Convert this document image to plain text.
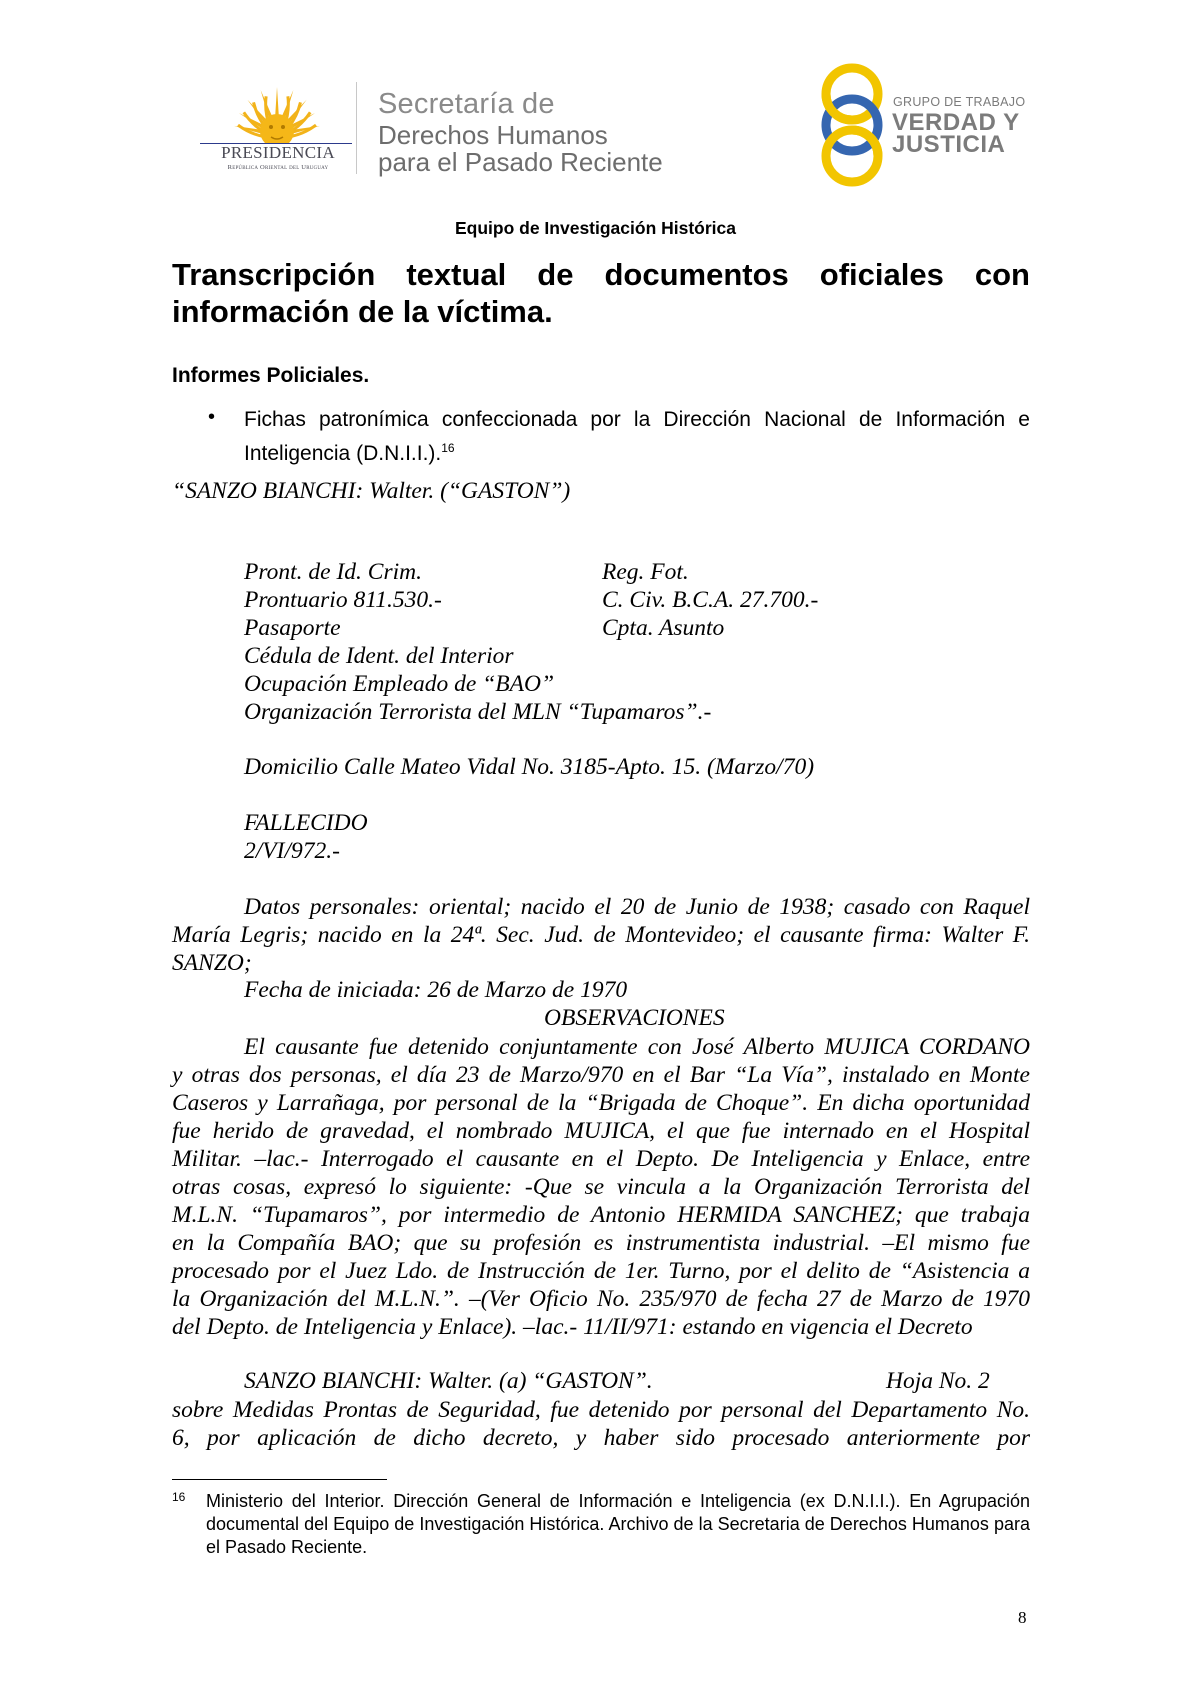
PRESIDENCIA
República Oriental del Uruguay
Secretaría de
Derechos Humanos
para el Pasado Reciente
GRUPO DE TRABAJO
VERDAD Y
JUSTICIA
Equipo de Investigación Histórica
Transcripción textual de documentos oficiales con información de la víctima.
Informes Policiales.
• Fichas patronímica confeccionada por la Dirección Nacional de Información e Inteligencia (D.N.I.I.).$^{16}$
“SANZO BIANCHI: Walter. (“GASTON”)
Pront. de Id. Crim.
Prontuario 811.530.-
Pasaporte
Cédula de Ident. del Interior
Ocupación Empleado de “BAO”
Organización Terrorista del MLN “Tupamaros”.-
Reg. Fot.
C. Civ. B.C.A. 27.700.-
Cpta. Asunto
Domicilio Calle Mateo Vidal No. 3185-Apto. 15. (Marzo/70)
FALLECIDO
2/VI/972.-
Datos personales: oriental; nacido el 20 de Junio de 1938; casado con Raquel
María Legris; nacido en la 24ª. Sec. Jud. de Montevideo; el causante firma: Walter F.
SANZO;
Fecha de iniciada: 26 de Marzo de 1970
OBSERVACIONES
El causante fue detenido conjuntamente con José Alberto MUJICA CORDANO
y otras dos personas, el día 23 de Marzo/970 en el Bar “La Vía”, instalado en Monte
Caseros y Larrañaga, por personal de la “Brigada de Choque”. En dicha oportunidad
fue herido de gravedad, el nombrado MUJICA, el que fue internado en el Hospital
Militar. –lac.- Interrogado el causante en el Depto. De Inteligencia y Enlace, entre
otras cosas, expresó lo siguiente: -Que se vincula a la Organización Terrorista del
M.L.N. “Tupamaros”, por intermedio de Antonio HERMIDA SANCHEZ; que trabaja
en la Compañía BAO; que su profesión es instrumentista industrial. –El mismo fue
procesado por el Juez Ldo. de Instrucción de 1er. Turno, por el delito de “Asistencia a
la Organización del M.L.N.”. –(Ver Oficio No. 235/970 de fecha 27 de Marzo de 1970
del Depto. de Inteligencia y Enlace). –lac.- 11/II/971: estando en vigencia el Decreto
SANZO BIANCHI: Walter. (a) “GASTON”.	Hoja No. 2
sobre Medidas Prontas de Seguridad, fue detenido por personal del Departamento No.
6, por aplicación de dicho decreto, y haber sido procesado anteriormente por
16 Ministerio del Interior. Dirección General de Información e Inteligencia (ex D.N.I.I.). En Agrupación documental del Equipo de Investigación Histórica. Archivo de la Secretaria de Derechos Humanos para el Pasado Reciente.
8
